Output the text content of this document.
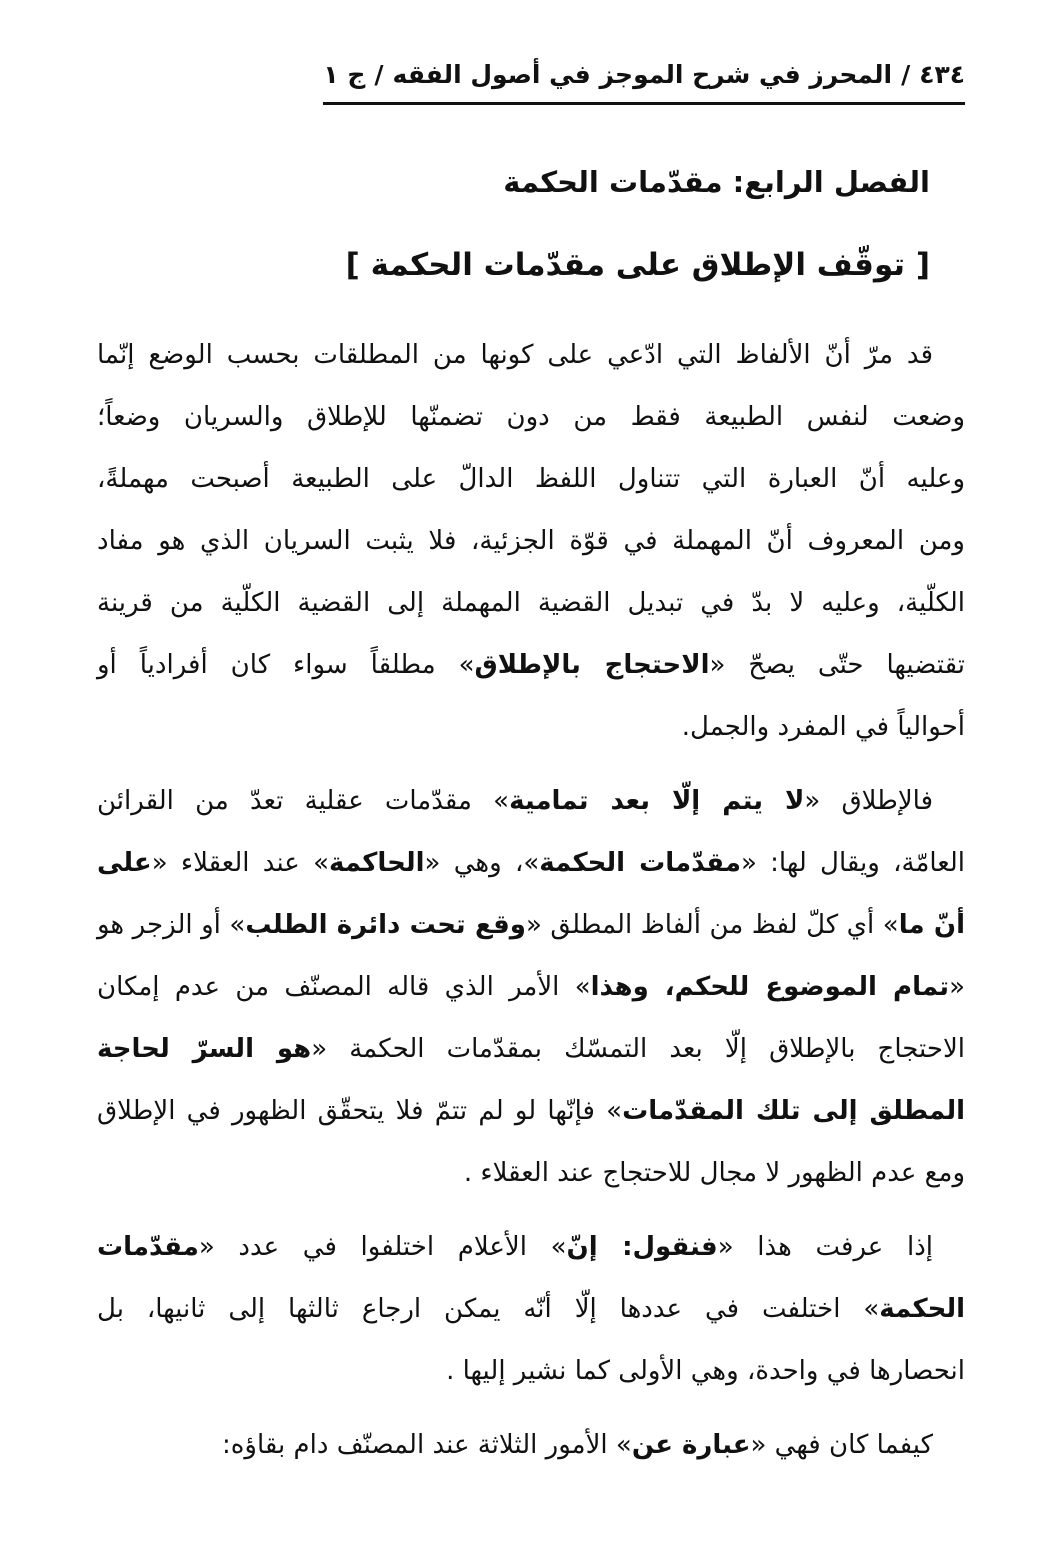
٤٣٤/المحرز في شرح الموجز في أصول الفقه/ج ١
الفصل الرابع: مقدّمات الحكمة
[ توقّف الإطلاق على مقدّمات الحكمة ]
قد مرّ أنّ الألفاظ التي ادّعي على كونها من المطلقات بحسب الوضع إنّما
وضعت لنفس الطبيعة فقط من دون تضمنّها للإطلاق والسريان وضعاً؛
وعليه أنّ العبارة التي تتناول اللفظ الدالّ على الطبيعة أصبحت مهملةً،
ومن المعروف أنّ المهملة في قوّة الجزئية، فلا يثبت السريان الذي هو مفاد
الكلّية، وعليه لا بدّ في تبديل القضية المهملة إلى القضية الكلّية من قرينة
تقتضيها حتّى يصحّ «الاحتجاج بالإطلاق» مطلقاً سواء كان أفرادياً أو
أحوالياً في المفرد والجمل.
فالإطلاق «لا يتم إلّا بعد تمامية» مقدّمات عقلية تعدّ من القرائن
العامّة، ويقال لها: «مقدّمات الحكمة»، وهي «الحاكمة» عند العقلاء «على
أنّ ما» أي كلّ لفظ من ألفاظ المطلق «وقع تحت دائرة الطلب» أو الزجر هو
«تمام الموضوع للحكم، وهذا» الأمر الذي قاله المصنّف من عدم إمكان
الاحتجاج بالإطلاق إلّا بعد التمسّك بمقدّمات الحكمة «هو السرّ لحاجة
المطلق إلى تلك المقدّمات» فإنّها لو لم تتمّ فلا يتحقّق الظهور في الإطلاق
ومع عدم الظهور لا مجال للاحتجاج عند العقلاء .
إذا عرفت هذا «فنقول: إنّ» الأعلام اختلفوا في عدد «مقدّمات
الحكمة» اختلفت في عددها إلّا أنّه يمكن ارجاع ثالثها إلى ثانيها، بل
انحصارها في واحدة، وهي الأولى كما نشير إليها .
كيفما كان فهي «عبارة عن» الأمور الثلاثة عند المصنّف دام بقاؤه:
